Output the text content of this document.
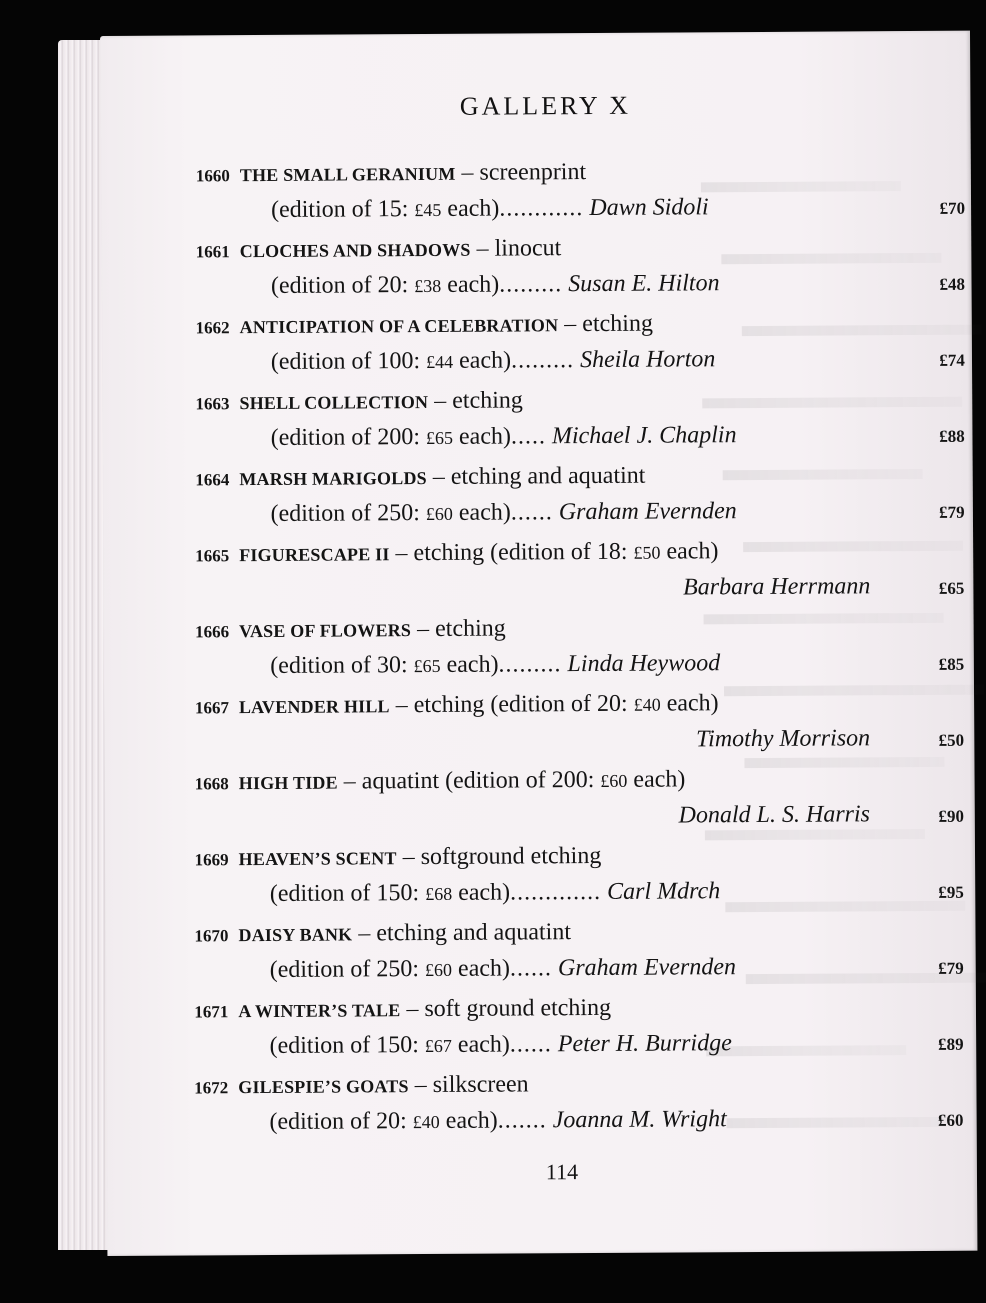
GALLERY X
1660 THE SMALL GERANIUM – screenprint
(edition of 15: £45 each)............ Dawn Sidoli	£70
1661 CLOCHES AND SHADOWS – linocut
(edition of 20: £38 each)......... Susan E. Hilton	£48
1662 ANTICIPATION OF A CELEBRATION – etching
(edition of 100: £44 each)......... Sheila Horton	£74
1663 SHELL COLLECTION – etching
(edition of 200: £65 each)..... Michael J. Chaplin	£88
1664 MARSH MARIGOLDS – etching and aquatint
(edition of 250: £60 each)...... Graham Evernden	£79
1665 FIGURESCAPE II – etching (edition of 18: £50 each)
Barbara Herrmann	£65
1666 VASE OF FLOWERS – etching
(edition of 30: £65 each)......... Linda Heywood	£85
1667 LAVENDER HILL – etching (edition of 20: £40 each)
Timothy Morrison	£50
1668 HIGH TIDE – aquatint (edition of 200: £60 each)
Donald L. S. Harris	£90
1669 HEAVEN’S SCENT – softground etching
(edition of 150: £68 each)............. Carl Mdrch	£95
1670 DAISY BANK – etching and aquatint
(edition of 250: £60 each)...... Graham Evernden	£79
1671 A WINTER’S TALE – soft ground etching
(edition of 150: £67 each)...... Peter H. Burridge	£89
1672 GILESPIE’S GOATS – silkscreen
(edition of 20: £40 each)....... Joanna M. Wright	£60
114
